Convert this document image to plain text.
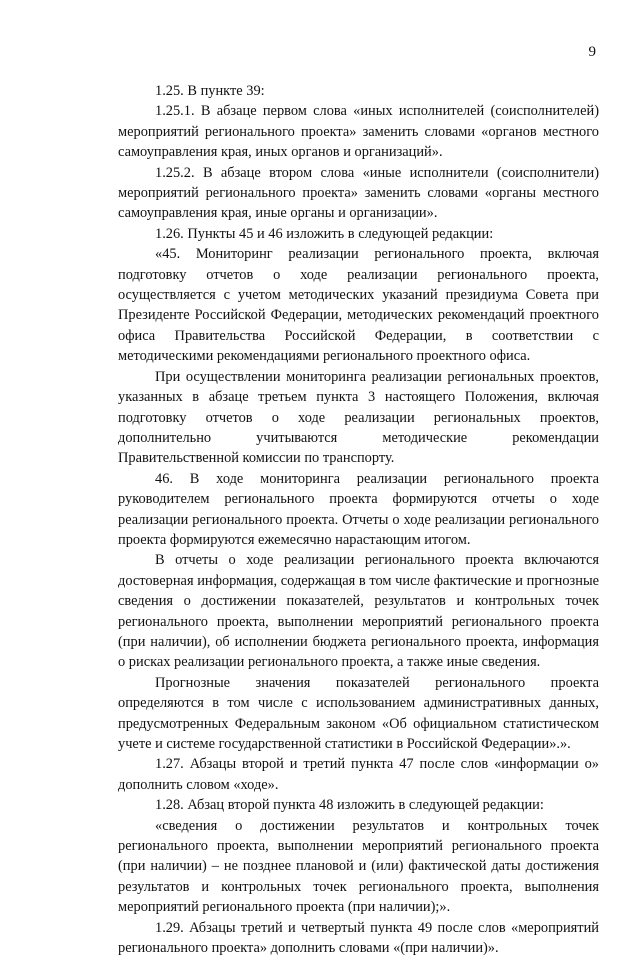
9

1.25. В пункте 39:

1.25.1. В абзаце первом слова «иных исполнителей (соисполнителей) мероприятий регионального проекта» заменить словами «органов местного самоуправления края, иных органов и организаций».

1.25.2. В абзаце втором слова «иные исполнители (соисполнители) мероприятий регионального проекта» заменить словами «органы местного самоуправления края, иные органы и организации».

1.26. Пункты 45 и 46 изложить в следующей редакции:

«45. Мониторинг реализации регионального проекта, включая подготовку отчетов о ходе реализации регионального проекта, осуществляется с учетом методических указаний президиума Совета при Президенте Российской Федерации, методических рекомендаций проектного офиса Правительства Российской Федерации, в соответствии с методическими рекомендациями регионального проектного офиса.

При осуществлении мониторинга реализации региональных проектов, указанных в абзаце третьем пункта 3 настоящего Положения, включая подготовку отчетов о ходе реализации региональных проектов, дополнительно учитываются методические рекомендации Правительственной комиссии по транспорту.

46. В ходе мониторинга реализации регионального проекта руководителем регионального проекта формируются отчеты о ходе реализации регионального проекта. Отчеты о ходе реализации регионального проекта формируются ежемесячно нарастающим итогом.

В отчеты о ходе реализации регионального проекта включаются достоверная информация, содержащая в том числе фактические и прогнозные сведения о достижении показателей, результатов и контрольных точек регионального проекта, выполнении мероприятий регионального проекта (при наличии), об исполнении бюджета регионального проекта, информация о рисках реализации регионального проекта, а также иные сведения.

Прогнозные значения показателей регионального проекта определяются в том числе с использованием административных данных, предусмотренных Федеральным законом «Об официальном статистическом учете и системе государственной статистики в Российской Федерации».».

1.27. Абзацы второй и третий пункта 47 после слов «информации о» дополнить словом «ходе».

1.28. Абзац второй пункта 48 изложить в следующей редакции:

«сведения о достижении результатов и контрольных точек регионального проекта, выполнении мероприятий регионального проекта (при наличии) – не позднее плановой и (или) фактической даты достижения результатов и контрольных точек регионального проекта, выполнения мероприятий регионального проекта (при наличии);».

1.29. Абзацы третий и четвертый пункта 49 после слов «мероприятий регионального проекта» дополнить словами «(при наличии)».
